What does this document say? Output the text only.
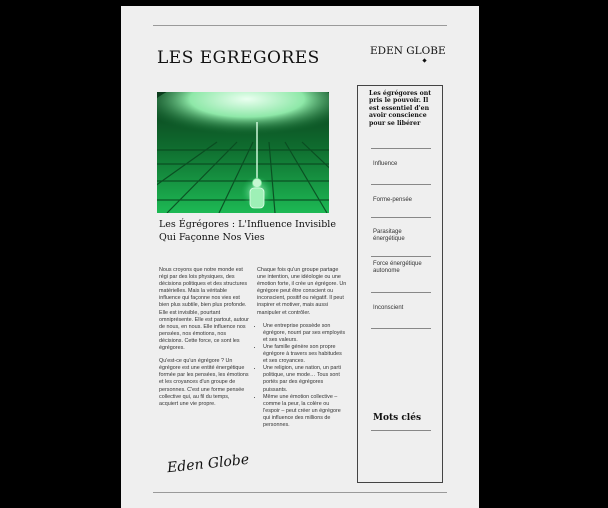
LES EGREGORES	EDEN GLOBE
Les Égrégores : L'Influence Invisible Qui Façonne Nos Vies

Nous croyons que notre monde est régi par des lois physiques, des décisions politiques et des structures matérielles. Mais la véritable influence qui façonne nos vies est bien plus subtile, bien plus profonde. Elle est invisible, pourtant omniprésente. Elle est partout, autour de nous, en nous. Elle influence nos pensées, nos émotions, nos décisions. Cette force, ce sont les égrégores.

Qu'est-ce qu'un égrégore ? Un égrégore est une entité énergétique formée par les pensées, les émotions et les croyances d'un groupe de personnes. C'est une forme pensée collective qui, au fil du temps, acquiert une vie propre.

Chaque fois qu'un groupe partage une intention, une idéologie ou une émotion forte, il crée un égrégore. Un égrégore peut être conscient ou inconscient, positif ou négatif. Il peut inspirer et motiver, mais aussi manipuler et contrôler.

• Une entreprise possède son égrégore, nourri par ses employés et ses valeurs.
• Une famille génère son propre égrégore à travers ses habitudes et ses croyances.
• Une religion, une nation, un parti politique, une mode… Tous sont portés par des égrégores puissants.
• Même une émotion collective – comme la peur, la colère ou l'espoir – peut créer un égrégore qui influence des millions de personnes.
Eden Globe
Les égrégores ont pris le pouvoir. Il est essentiel d'en avoir conscience pour se libérer
Influence
Forme-pensée
Parasitage énergétique
Force énergétique autonome
Inconscient
Mots clés
